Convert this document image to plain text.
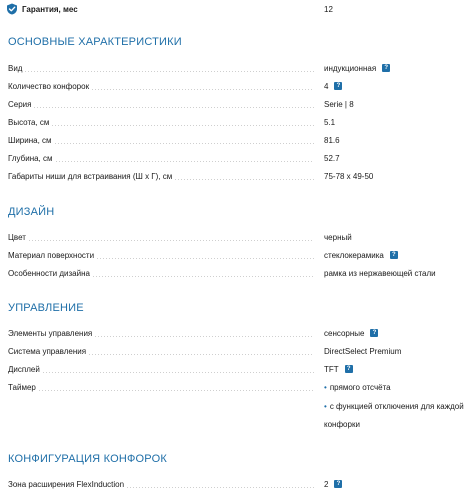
Гарантия, мес	12
ОСНОВНЫЕ ХАРАКТЕРИСТИКИ
Вид	индукционная	?
Количество конфорок	4	?
Серия	Serie | 8
Высота, см	5.1
Ширина, см	81.6
Глубина, см	52.7
Габариты ниши для встраивания (Ш х Г), см	75-78 x 49-50
ДИЗАЙН
Цвет	черный
Материал поверхности	стеклокерамика	?
Особенности дизайна	рамка из нержавеющей стали
УПРАВЛЕНИЕ
Элементы управления	сенсорные	?
Система управления	DirectSelect Premium
Дисплей	TFT	?
Таймер	• прямого отсчёта
• с функцией отключения для каждой
конфорки
КОНФИГУРАЦИЯ КОНФОРОК
Зона расширения FlexInduction	2	?
